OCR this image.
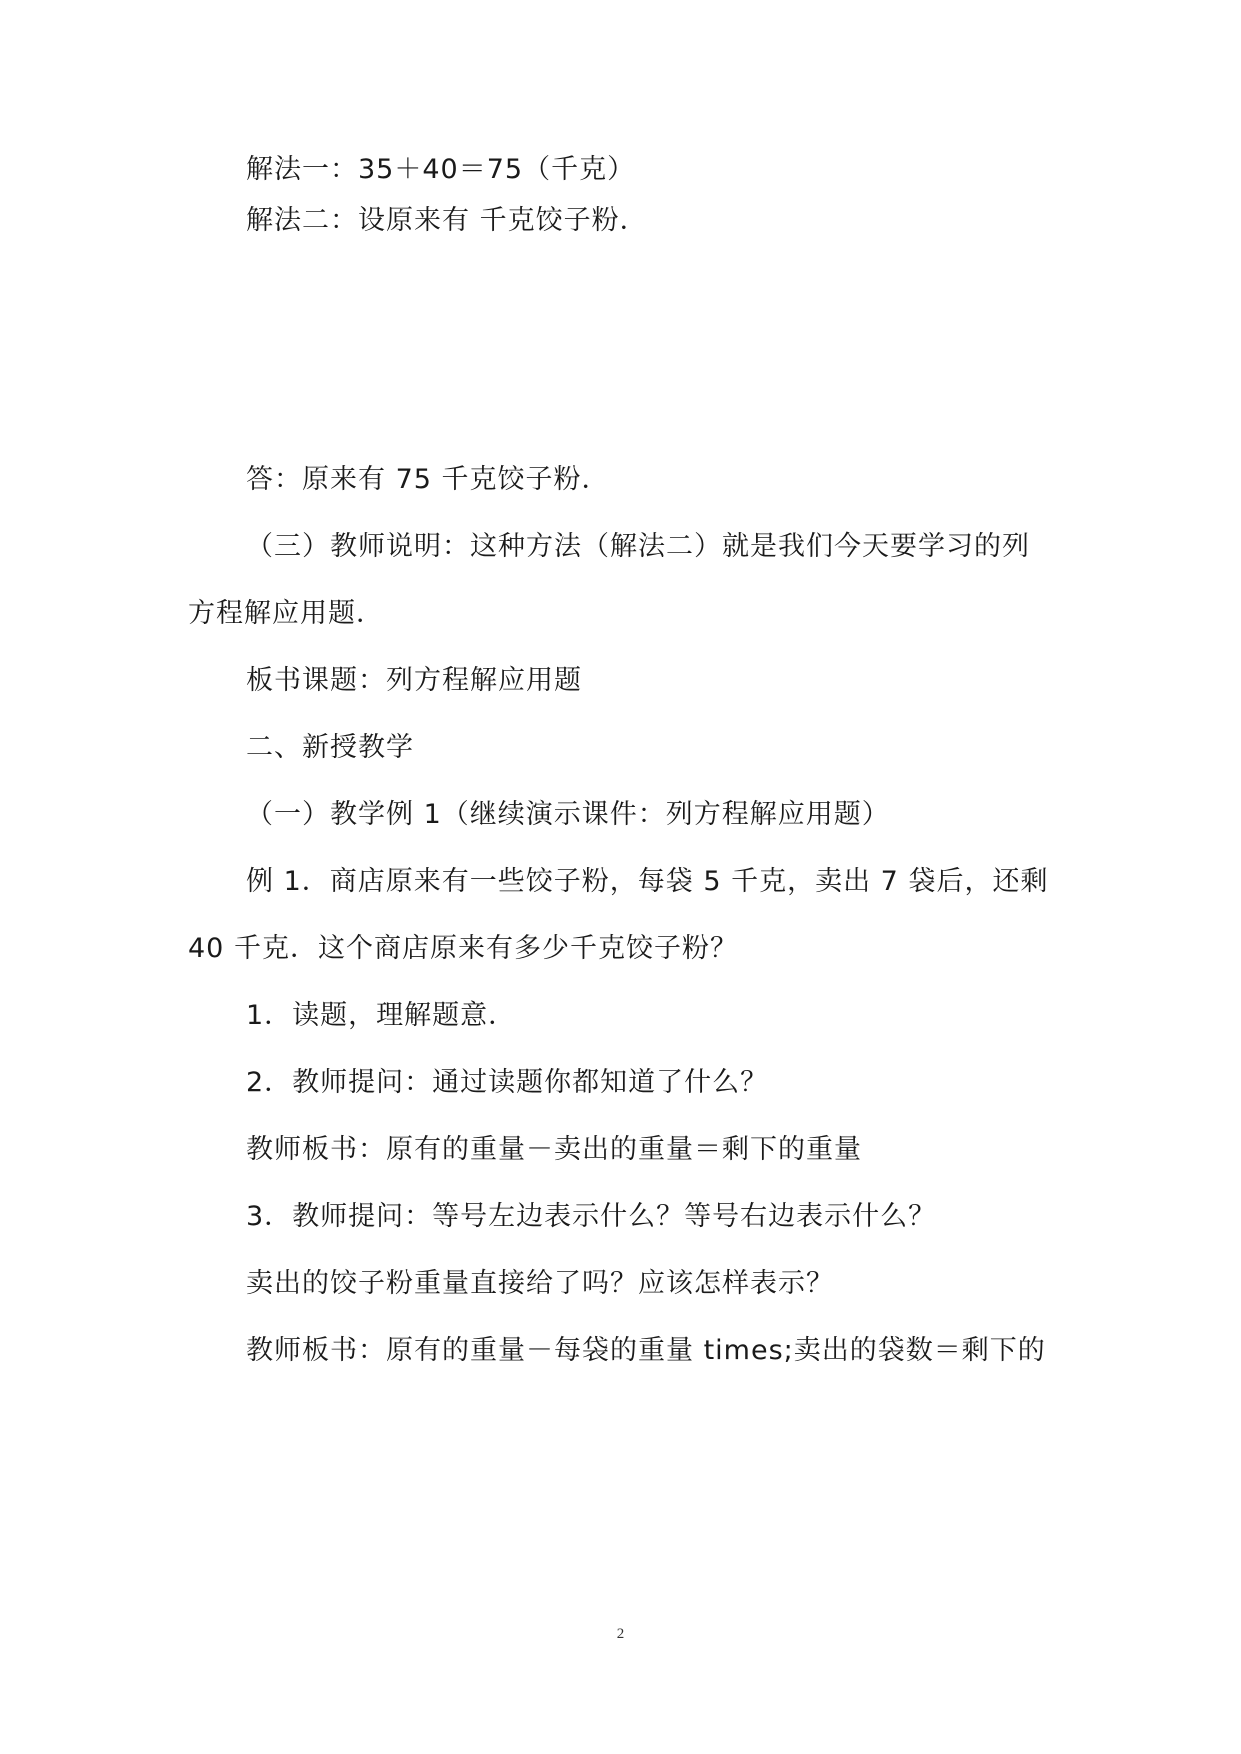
解法一：35＋40＝75（千克）
解法二：设原来有 千克饺子粉．
答：原来有 75 千克饺子粉．
（三）教师说明：这种方法（解法二）就是我们今天要学习的列
方程解应用题．
板书课题：列方程解应用题
二、新授教学
（一）教学例 1（继续演示课件：列方程解应用题）
例 1．商店原来有一些饺子粉，每袋 5 千克，卖出 7 袋后，还剩
40 千克．这个商店原来有多少千克饺子粉？
1．读题，理解题意．
2．教师提问：通过读题你都知道了什么？
教师板书：原有的重量－卖出的重量＝剩下的重量
3．教师提问：等号左边表示什么？等号右边表示什么？
卖出的饺子粉重量直接给了吗？应该怎样表示？
教师板书：原有的重量－每袋的重量 times;卖出的袋数＝剩下的
2
